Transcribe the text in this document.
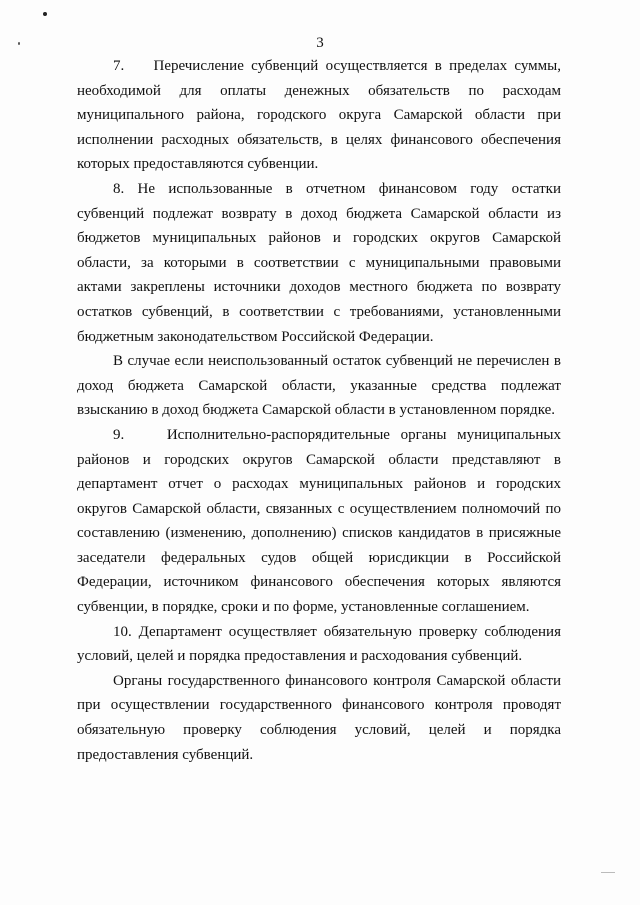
3

7.    Перечисление субвенций осуществляется в пределах суммы, необходимой для оплаты денежных обязательств по расходам муниципального района, городского округа Самарской области при исполнении расходных обязательств, в целях финансового обеспечения которых предоставляются субвенции.

8. Не использованные в отчетном финансовом году остатки субвенций подлежат возврату в доход бюджета Самарской области из бюджетов муниципальных районов и городских округов Самарской области, за которыми в соответствии с муниципальными правовыми актами закреплены источники доходов местного бюджета по возврату остатков субвенций, в соответствии с требованиями, установленными бюджетным законодательством Российской Федерации.

В случае если неиспользованный остаток субвенций не перечислен в доход бюджета Самарской области, указанные средства подлежат взысканию в доход бюджета Самарской области в установленном порядке.

9.    Исполнительно-распорядительные органы муниципальных районов и городских округов Самарской области представляют в департамент отчет о расходах муниципальных районов и городских округов Самарской области, связанных с осуществлением полномочий по составлению (изменению, дополнению) списков кандидатов в присяжные заседатели федеральных судов общей юрисдикции в Российской Федерации, источником финансового обеспечения которых являются субвенции, в порядке, сроки и по форме, установленные соглашением.

10. Департамент осуществляет обязательную проверку соблюдения условий, целей и порядка предоставления и расходования субвенций.

Органы государственного финансового контроля Самарской области при осуществлении государственного финансового контроля проводят обязательную проверку соблюдения условий, целей и порядка предоставления субвенций.
